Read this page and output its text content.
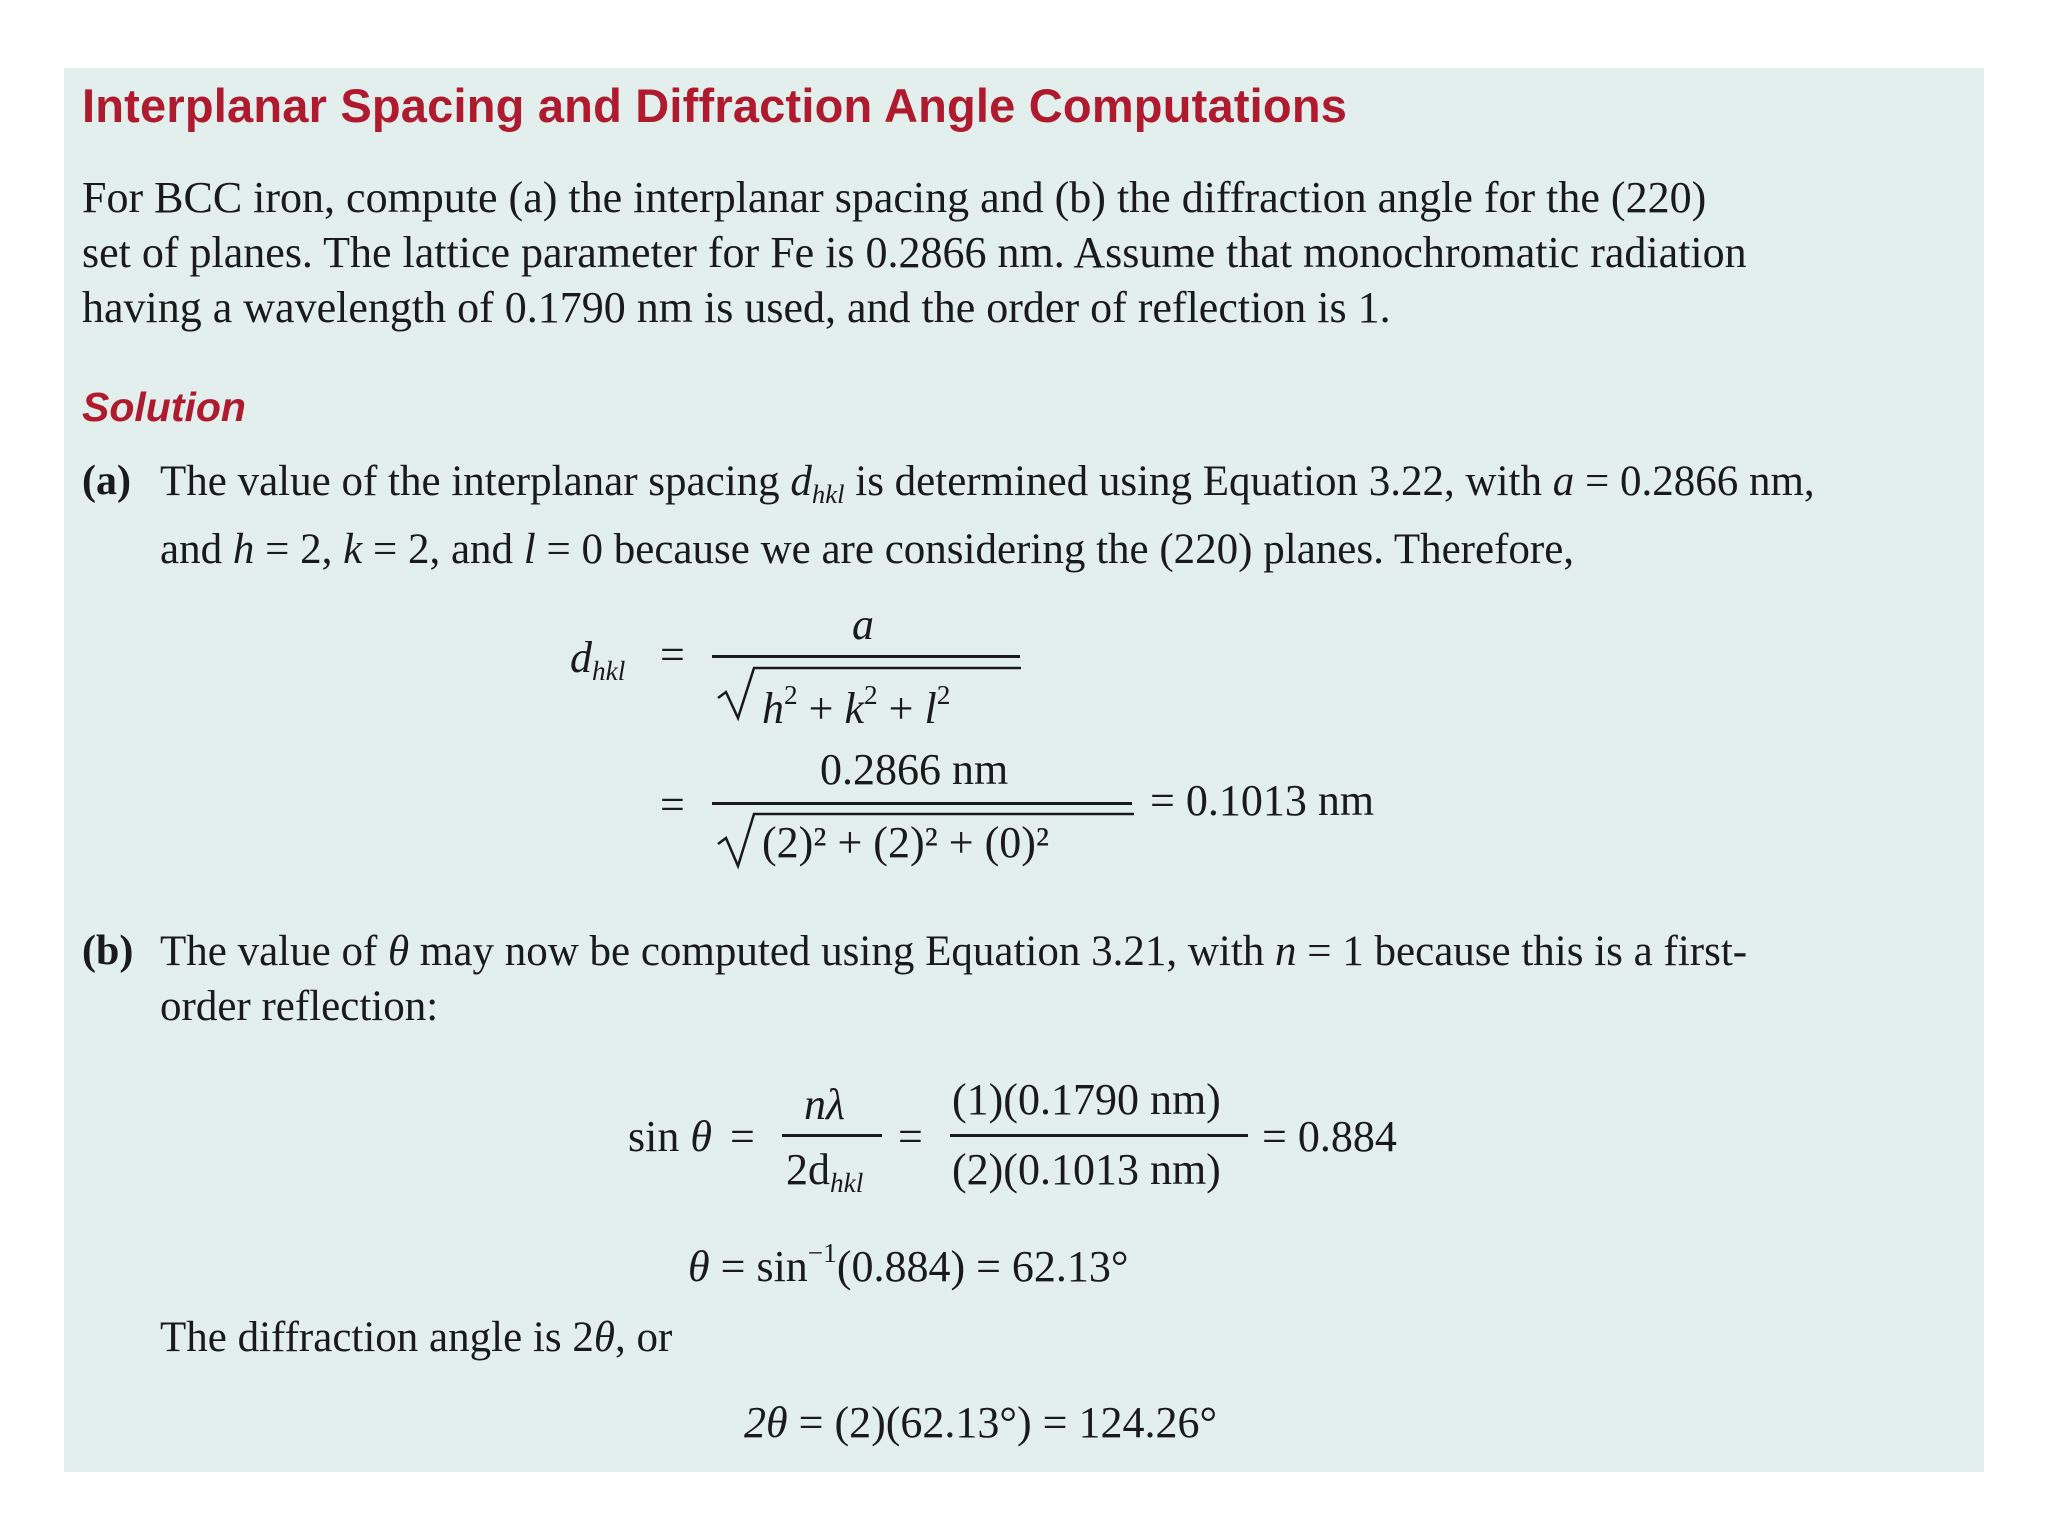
Interplanar Spacing and Diffraction Angle Computations
For BCC iron, compute (a) the interplanar spacing and (b) the diffraction angle for the (220)
set of planes. The lattice parameter for Fe is 0.2866 nm. Assume that monochromatic radiation
having a wavelength of 0.1790 nm is used, and the order of reflection is 1.
Solution
(a) The value of the interplanar spacing dhkl is determined using Equation 3.22, with a = 0.2866 nm,
and h = 2, k = 2, and l = 0 because we are considering the (220) planes. Therefore,
dhkl =
a
$h^2 + k^2 + l^2$
=
0.2866 nm
(2)² + (2)² + (0)²
= 0.1013 nm
(b) The value of θ may now be computed using Equation 3.21, with n = 1 because this is a first-
order reflection:
sin θ =
nλ
2dhkl
=
(1)(0.1790 nm)
(2)(0.1013 nm)
= 0.884
$\theta = \sin^{-1}(0.884) = 62.13^\circ$
The diffraction angle is 2θ, or
2θ = (2)(62.13°) = 124.26°
